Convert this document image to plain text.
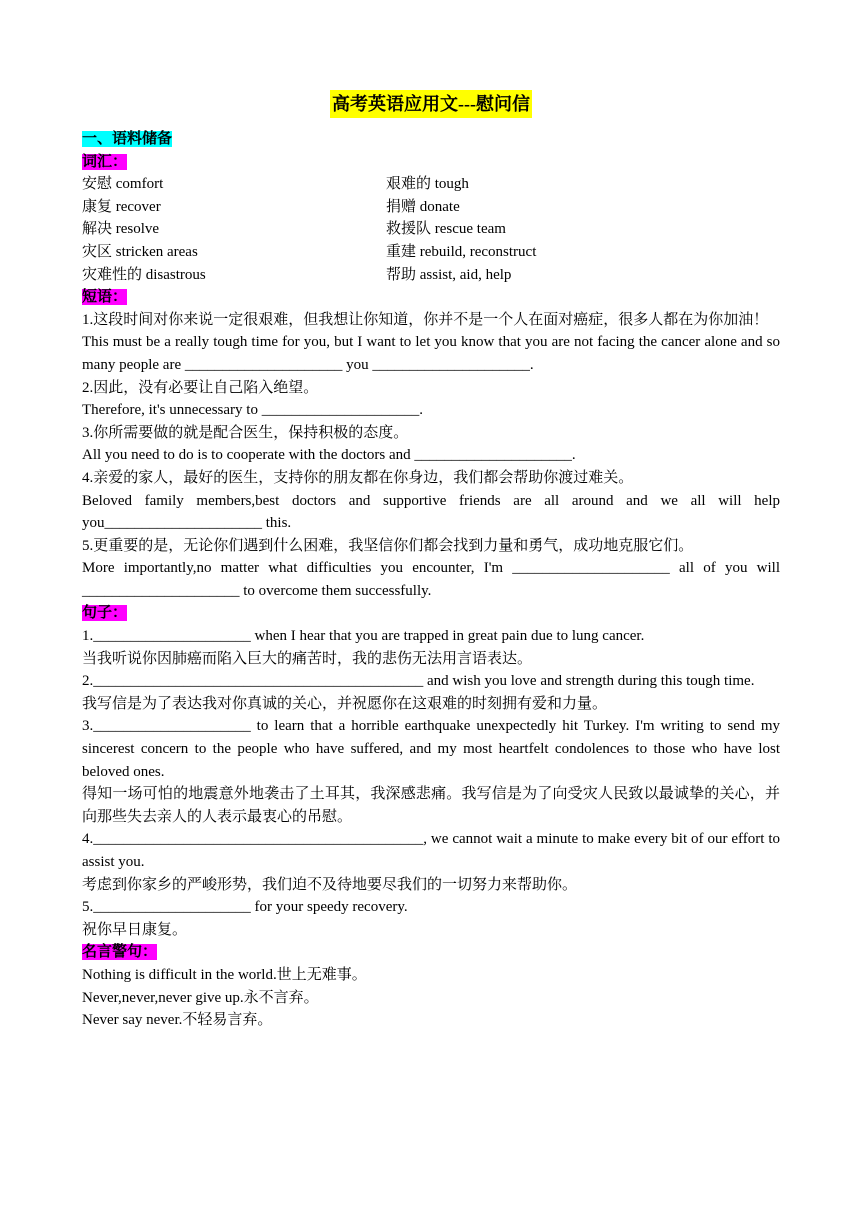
高考英语应用文---慰问信
一、语料储备
词汇：
安慰 comfort	艰难的 tough
康复 recover	捐赠 donate
解决 resolve	救援队 rescue team
灾区 stricken areas	重建 rebuild, reconstruct
灾难性的 disastrous	帮助 assist, aid, help
短语：

1.这段时间对你来说一定很艰难，但我想让你知道，你并不是一个人在面对癌症，很多人都在为你加油！

This must be a really tough time for you, but I want to let you know that you are not facing the cancer alone and so many people are _____________________ you _____________________.

2.因此，没有必要让自己陷入绝望。

Therefore, it's unnecessary to _____________________.

3.你所需要做的就是配合医生，保持积极的态度。

All you need to do is to cooperate with the doctors and _____________________.

4.亲爱的家人，最好的医生，支持你的朋友都在你身边，我们都会帮助你渡过难关。

Beloved family members,best doctors and supportive friends are all around and we all will help you_____________________ this.

5.更重要的是，无论你们遇到什么困难，我坚信你们都会找到力量和勇气，成功地克服它们。

More importantly,no matter what difficulties you encounter, I'm _____________________ all of you will _____________________ to overcome them successfully.

句子：

1._____________________ when I hear that you are trapped in great pain due to lung cancer.

当我听说你因肺癌而陷入巨大的痛苦时，我的悲伤无法用言语表达。

2.____________________________________________ and wish you love and strength during this tough time.

我写信是为了表达我对你真诚的关心，并祝愿你在这艰难的时刻拥有爱和力量。

3._____________________ to learn that a horrible earthquake unexpectedly hit Turkey. I'm writing to send my sincerest concern to the people who have suffered, and my most heartfelt condolences to those who have lost beloved ones.

得知一场可怕的地震意外地袭击了土耳其，我深感悲痛。我写信是为了向受灾人民致以最诚挚的关心，并向那些失去亲人的人表示最衷心的吊慰。

4.____________________________________________, we cannot wait a minute to make every bit of our effort to assist you.

考虑到你家乡的严峻形势，我们迫不及待地要尽我们的一切努力来帮助你。

5._____________________ for your speedy recovery.

祝你早日康复。

名言警句：

Nothing is difficult in the world.世上无难事。

Never,never,never give up.永不言弃。

Never say never.不轻易言弃。
